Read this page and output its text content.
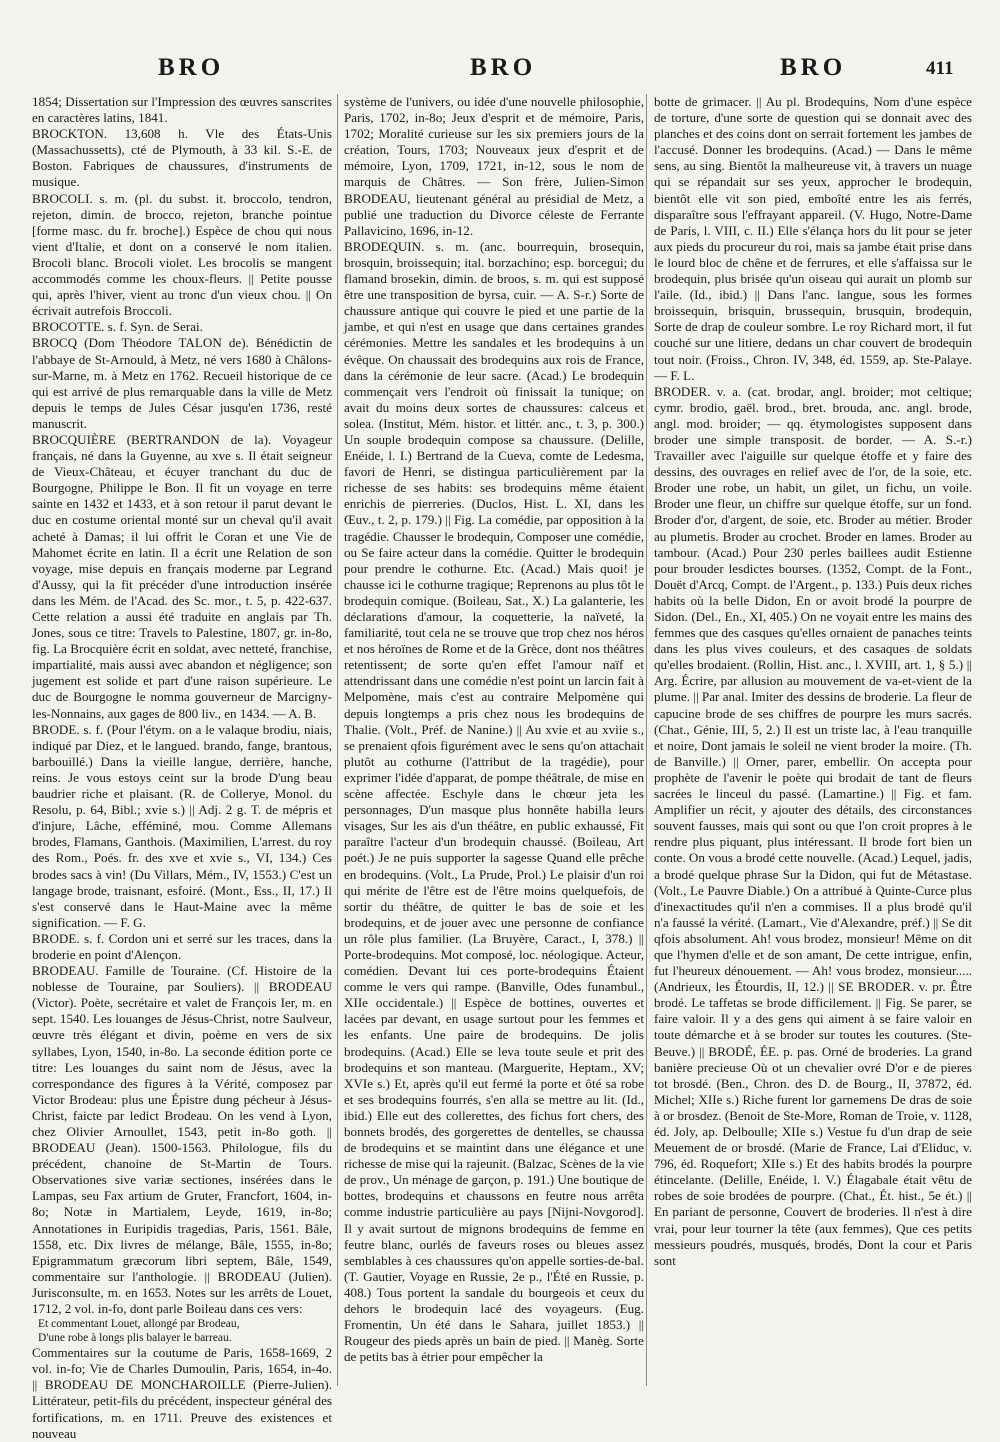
BRO	BRO	BRO	411

1854; Dissertation sur l'Impression des œuvres sanscrites en caractères latins, 1841.

BROCKTON. 13,608 h. Vle des États-Unis (Massachussetts), cté de Plymouth, à 33 kil. S.-E. de Boston. Fabriques de chaussures, d'instruments de musique.

BROCOLI. s. m. (pl. du subst. it. broccolo, tendron, rejeton, dimin. de brocco, rejeton, branche pointue [forme masc. du fr. broche].) Espèce de chou qui nous vient d'Italie, et dont on a conservé le nom italien. Brocoli blanc. Brocoli violet. Les brocolis se mangent accommodés comme les choux-fleurs. || Petite pousse qui, après l'hiver, vient au tronc d'un vieux chou. || On écrivait autrefois Broccoli.

BROCOTTE. s. f. Syn. de Serai.

BROCQ (Dom Théodore TALON de). Bénédictin de l'abbaye de St-Arnould, à Metz, né vers 1680 à Châlons-sur-Marne, m. à Metz en 1762. Recueil historique de ce qui est arrivé de plus remarquable dans la ville de Metz depuis le temps de Jules César jusqu'en 1736, resté manuscrit.

BROCQUIÈRE (BERTRANDON de la). Voyageur français, né dans la Guyenne, au xve s. Il était seigneur de Vieux-Château, et écuyer tranchant du duc de Bourgogne, Philippe le Bon. Il fit un voyage en terre sainte en 1432 et 1433, et à son retour il parut devant le duc en costume oriental monté sur un cheval qu'il avait acheté à Damas; il lui offrit le Coran et une Vie de Mahomet écrite en latin. Il a écrit une Relation de son voyage, mise depuis en français moderne par Legrand d'Aussy, qui la fit précéder d'une introduction insérée dans les Mém. de l'Acad. des Sc. mor., t. 5, p. 422-637. Cette relation a aussi été traduite en anglais par Th. Jones, sous ce titre: Travels to Palestine, 1807, gr. in-8o, fig. La Brocquière écrit en soldat, avec netteté, franchise, impartialité, mais aussi avec abandon et négligence; son jugement est solide et part d'une raison supérieure. Le duc de Bourgogne le nomma gouverneur de Marcigny-les-Nonnains, aux gages de 800 liv., en 1434. — A. B.

BRODE. s. f. (Pour l'étym. on a le valaque brodiu, niais, indiqué par Diez, et le langued. brando, fange, brantous, barbouillé.) Dans la vieille langue, derrière, hanche, reins. Je vous estoys ceint sur la brode D'ung beau baudrier riche et plaisant. (R. de Collerye, Monol. du Resolu, p. 64, Bibl.; xvie s.) || Adj. 2 g. T. de mépris et d'injure, Lâche, efféminé, mou. Comme Allemans brodes, Flamans, Ganthois. (Maximilien, L'arrest. du roy des Rom., Poés. fr. des xve et xvie s., VI, 134.) Ces brodes sacs à vin! (Du Villars, Mém., IV, 1553.) C'est un langage brode, traisnant, esfoiré. (Mont., Ess., II, 17.) Il s'est conservé dans le Haut-Maine avec la même signification. — F. G.

BRODE. s. f. Cordon uni et serré sur les traces, dans la broderie en point d'Alençon.

BRODEAU. Famille de Touraine. (Cf. Histoire de la noblesse de Touraine, par Souliers). || BRODEAU (Victor). Poète, secrétaire et valet de François Ier, m. en sept. 1540. Les louanges de Jésus-Christ, notre Saulveur, œuvre très élégant et divin, poème en vers de six syllabes, Lyon, 1540, in-8o. La seconde édition porte ce titre: Les louanges du saint nom de Jésus, avec la correspondance des figures à la Vérité, composez par Victor Brodeau: plus une Épistre dung pécheur à Jésus-Christ, faicte par ledict Brodeau. On les vend à Lyon, chez Olivier Arnoullet, 1543, petit in-8o goth. || BRODEAU (Jean). 1500-1563. Philologue, fils du précédent, chanoine de St-Martin de Tours. Observationes sive variæ sectiones, insérées dans le Lampas, seu Fax artium de Gruter, Francfort, 1604, in-8o; Notæ in Martialem, Leyde, 1619, in-8o; Annotationes in Euripidis tragedias, Paris, 1561. Bâle, 1558, etc. Dix livres de mélange, Bâle, 1555, in-8o; Epigrammatum græcorum libri septem, Bâle, 1549, commentaire sur l'anthologie. || BRODEAU (Julien). Jurisconsulte, m. en 1653. Notes sur les arrêts de Louet, 1712, 2 vol. in-fo, dont parle Boileau dans ces vers:

Et commentant Louet, allongé par Brodeau,

D'une robe à longs plis balayer le barreau.

Commentaires sur la coutume de Paris, 1658-1669, 2 vol. in-fo; Vie de Charles Dumoulin, Paris, 1654, in-4o. || BRODEAU DE MONCHAROILLE (Pierre-Julien). Littérateur, petit-fils du précédent, inspecteur général des fortifications, m. en 1711. Preuve des existences et nouveau

système de l'univers, ou idée d'une nouvelle philosophie, Paris, 1702, in-8o; Jeux d'esprit et de mémoire, Paris, 1702; Moralité curieuse sur les six premiers jours de la création, Tours, 1703; Nouveaux jeux d'esprit et de mémoire, Lyon, 1709, 1721, in-12, sous le nom de marquis de Châtres. — Son frère, Julien-Simon BRODEAU, lieutenant général au présidial de Metz, a publié une traduction du Divorce céleste de Ferrante Pallavicino, 1696, in-12.

BRODEQUIN. s. m. (anc. bourrequin, brosequin, brosquin, broissequin; ital. borzachino; esp. borcegui; du flamand brosekin, dimin. de broos, s. m. qui est supposé être une transposition de byrsa, cuir. — A. S-r.) Sorte de chaussure antique qui couvre le pied et une partie de la jambe, et qui n'est en usage que dans certaines grandes cérémonies. Mettre les sandales et les brodequins à un évêque. On chaussait des brodequins aux rois de France, dans la cérémonie de leur sacre. (Acad.) Le brodequin commençait vers l'endroit où finissait la tunique; on avait du moins deux sortes de chaussures: calceus et solea. (Institut, Mém. histor. et littér. anc., t. 3, p. 300.) Un souple brodequin compose sa chaussure. (Delille, Enéide, l. I.) Bertrand de la Cueva, comte de Ledesma, favori de Henri, se distingua particulièrement par la richesse de ses habits: ses brodequins même étaient enrichis de pierreries. (Duclos, Hist. L. XI, dans les Œuv., t. 2, p. 179.) || Fig. La comédie, par opposition à la tragédie. Chausser le brodequin, Composer une comédie, ou Se faire acteur dans la comédie. Quitter le brodequin pour prendre le cothurne. Etc. (Acad.) Mais quoi! je chausse ici le cothurne tragique; Reprenons au plus tôt le brodequin comique. (Boileau, Sat., X.) La galanterie, les déclarations d'amour, la coquetterie, la naïveté, la familiarité, tout cela ne se trouve que trop chez nos héros et nos héroïnes de Rome et de la Grèce, dont nos théâtres retentissent; de sorte qu'en effet l'amour naïf et attendrissant dans une comédie n'est point un larcin fait à Melpomène, mais c'est au contraire Melpomène qui depuis longtemps a pris chez nous les brodequins de Thalie. (Volt., Préf. de Nanine.) || Au xvie et au xviie s., se prenaient qfois figurément avec le sens qu'on attachait plutôt au cothurne (l'attribut de la tragédie), pour exprimer l'idée d'apparat, de pompe théâtrale, de mise en scène affectée. Eschyle dans le chœur jeta les personnages, D'un masque plus honnête habilla leurs visages, Sur les ais d'un théâtre, en public exhaussé, Fit paraître l'acteur d'un brodequin chaussé. (Boileau, Art poét.) Je ne puis supporter la sagesse Quand elle prêche en brodequins. (Volt., La Prude, Prol.) Le plaisir d'un roi qui mérite de l'être est de l'être moins quelquefois, de sortir du théâtre, de quitter le bas de soie et les brodequins, et de jouer avec une personne de confiance un rôle plus familier. (La Bruyère, Caract., I, 378.) || Porte-brodequins. Mot composé, loc. néologique. Acteur, comédien. Devant lui ces porte-brodequins Étaient comme le vers qui rampe. (Banville, Odes funambul., XIIe occidentale.) || Espèce de bottines, ouvertes et lacées par devant, en usage surtout pour les femmes et les enfants. Une paire de brodequins. De jolis brodequins. (Acad.) Elle se leva toute seule et prit des brodequins et son manteau. (Marguerite, Heptam., XV; XVIe s.) Et, après qu'il eut fermé la porte et ôté sa robe et ses brodequins fourrés, s'en alla se mettre au lit. (Id., ibid.) Elle eut des collerettes, des fichus fort chers, des bonnets brodés, des gorgerettes de dentelles, se chaussa de brodequins et se maintint dans une élégance et une richesse de mise qui la rajeunit. (Balzac, Scènes de la vie de prov., Un ménage de garçon, p. 191.) Une boutique de bottes, brodequins et chaussons en feutre nous arrêta comme industrie particulière au pays [Nijni-Novgorod]. Il y avait surtout de mignons brodequins de femme en feutre blanc, ourlés de faveurs roses ou bleues assez semblables à ces chaussures qu'on appelle sorties-de-bal. (T. Gautier, Voyage en Russie, 2e p., l'Été en Russie, p. 408.) Tous portent la sandale du bourgeois et ceux du dehors le brodequin lacé des voyageurs. (Eug. Fromentin, Un été dans le Sahara, juillet 1853.) || Rougeur des pieds après un bain de pied. || Manèg. Sorte de petits bas à étrier pour empêcher la

botte de grimacer. || Au pl. Brodequins, Nom d'une espèce de torture, d'une sorte de question qui se donnait avec des planches et des coins dont on serrait fortement les jambes de l'accusé. Donner les brodequins. (Acad.) — Dans le même sens, au sing. Bientôt la malheureuse vit, à travers un nuage qui se répandait sur ses yeux, approcher le brodequin, bientôt elle vit son pied, emboîté entre les ais ferrés, disparaître sous l'effrayant appareil. (V. Hugo, Notre-Dame de Paris, l. VIII, c. II.) Elle s'élança hors du lit pour se jeter aux pieds du procureur du roi, mais sa jambe était prise dans le lourd bloc de chêne et de ferrures, et elle s'affaissa sur le brodequin, plus brisée qu'un oiseau qui aurait un plomb sur l'aile. (Id., ibid.) || Dans l'anc. langue, sous les formes broissequin, brisquin, brussequin, brusquin, brodequin, Sorte de drap de couleur sombre. Le roy Richard mort, il fut couché sur une litiere, dedans un char couvert de brodequin tout noir. (Froiss., Chron. IV, 348, éd. 1559, ap. Ste-Palaye. — F. L.

BRODER. v. a. (cat. brodar, angl. broider; mot celtique; cymr. brodio, gaël. brod., bret. brouda, anc. angl. brode, angl. mod. broider; — qq. étymologistes supposent dans broder une simple transposit. de border. — A. S.-r.) Travailler avec l'aiguille sur quelque étoffe et y faire des dessins, des ouvrages en relief avec de l'or, de la soie, etc. Broder une robe, un habit, un gilet, un fichu, un voile. Broder une fleur, un chiffre sur quelque étoffe, sur un fond. Broder d'or, d'argent, de soie, etc. Broder au métier. Broder au plumetis. Broder au crochet. Broder en lames. Broder au tambour. (Acad.) Pour 230 perles baillees audit Estienne pour brouder lesdictes bourses. (1352, Compt. de la Font., Douët d'Arcq, Compt. de l'Argent., p. 133.) Puis deux riches habits où la belle Didon, En or avoit brodé la pourpre de Sidon. (Del., En., XI, 405.) On ne voyait entre les mains des femmes que des casques qu'elles ornaient de panaches teints dans les plus vives couleurs, et des casaques de soldats qu'elles brodaient. (Rollin, Hist. anc., l. XVIII, art. 1, § 5.) || Arg. Écrire, par allusion au mouvement de va-et-vient de la plume. || Par anal. Imiter des dessins de broderie. La fleur de capucine brode de ses chiffres de pourpre les murs sacrés. (Chat., Génie, III, 5, 2.) Il est un triste lac, à l'eau tranquille et noire, Dont jamais le soleil ne vient broder la moire. (Th. de Banville.) || Orner, parer, embellir. On accepta pour prophète de l'avenir le poète qui brodait de tant de fleurs sacrées le linceul du passé. (Lamartine.) || Fig. et fam. Amplifier un récit, y ajouter des détails, des circonstances souvent fausses, mais qui sont ou que l'on croit propres à le rendre plus piquant, plus intéressant. Il brode fort bien un conte. On vous a brodé cette nouvelle. (Acad.) Lequel, jadis, a brodé quelque phrase Sur la Didon, qui fut de Métastase. (Volt., Le Pauvre Diable.) On a attribué à Quinte-Curce plus d'inexactitudes qu'il n'en a commises. Il a plus brodé qu'il n'a faussé la vérité. (Lamart., Vie d'Alexandre, préf.) || Se dit qfois absolument. Ah! vous brodez, monsieur! Même on dit que l'hymen d'elle et de son amant, De cette intrigue, enfin, fut l'heureux dénouement. — Ah! vous brodez, monsieur..... (Andrieux, les Étourdis, II, 12.) || SE BRODER. v. pr. Être brodé. Le taffetas se brode difficilement. || Fig. Se parer, se faire valoir. Il y a des gens qui aiment à se faire valoir en toute démarche et à se broder sur toutes les coutures. (Ste-Beuve.) || BRODÉ, ÉE. p. pas. Orné de broderies. La grand banière precieuse Où ot un chevalier ovré D'or e de pieres tot brosdé. (Ben., Chron. des D. de Bourg., II, 37872, éd. Michel; XIIe s.) Riche furent lor garnemens De dras de soie à or brosdez. (Benoit de Ste-More, Roman de Troie, v. 1128, éd. Joly, ap. Delboulle; XIIe s.) Vestue fu d'un drap de seie Meuement de or brosdé. (Marie de France, Lai d'Eliduc, v. 796, éd. Roquefort; XIIe s.) Et des habits brodés la pourpre étincelante. (Delille, Enéide, l. V.) Élagabale était vêtu de robes de soie brodées de pourpre. (Chat., Ét. hist., 5e ét.) || En pariant de personne, Couvert de broderies. Il n'est à dire vrai, pour leur tourner la tête (aux femmes), Que ces petits messieurs poudrés, musqués, brodés, Dont la cour et Paris sont
